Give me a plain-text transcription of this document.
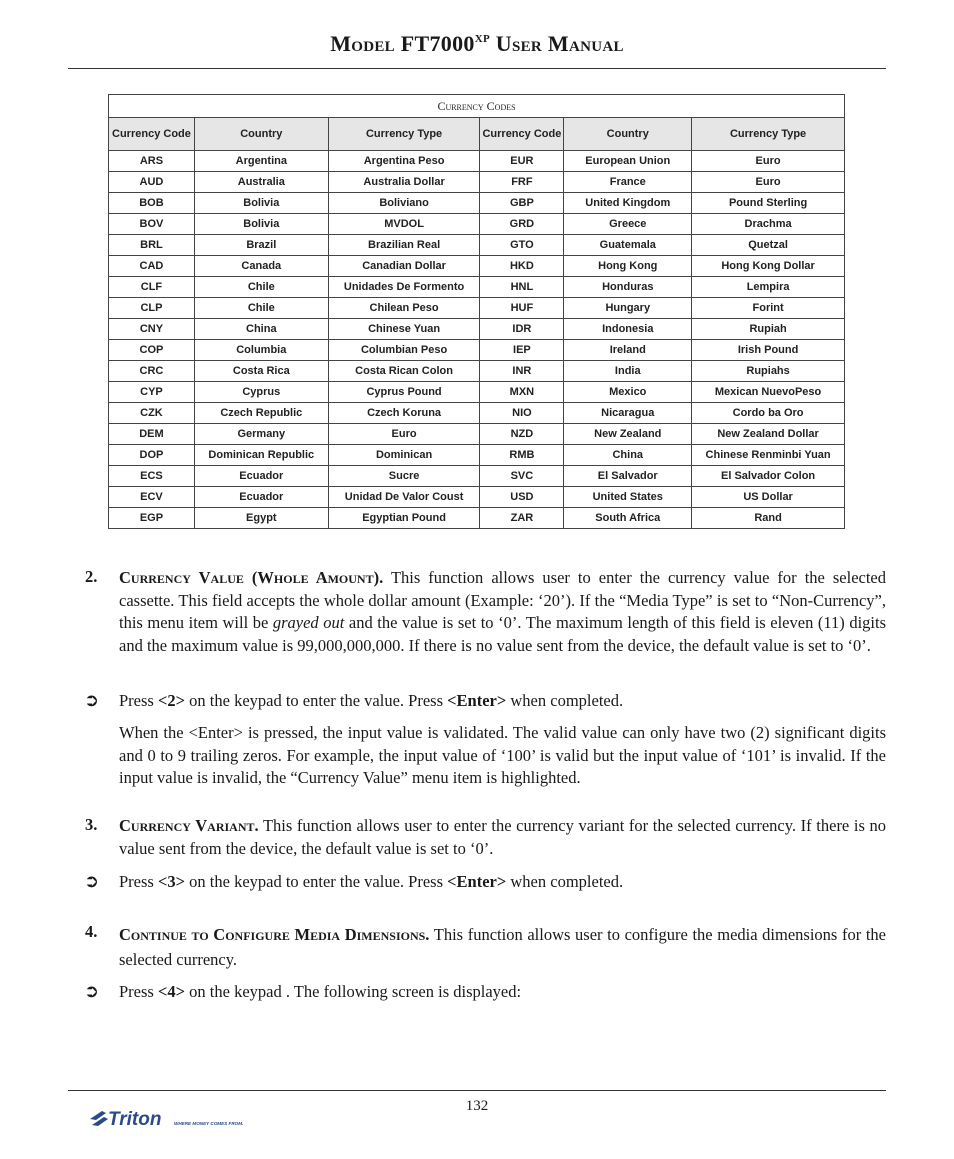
Model $FT7000^{XP}$ User Manual
Currency Codes					
Currency Code	Country	Currency Type	Currency Code	Country	Currency Type
ARS	Argentina	Argentina Peso	EUR	European Union	Euro
AUD	Australia	Australia Dollar	FRF	France	Euro
BOB	Bolivia	Boliviano	GBP	United Kingdom	Pound Sterling
BOV	Bolivia	MVDOL	GRD	Greece	Drachma
BRL	Brazil	Brazilian Real	GTO	Guatemala	Quetzal
CAD	Canada	Canadian Dollar	HKD	Hong Kong	Hong Kong Dollar
CLF	Chile	Unidades De Formento	HNL	Honduras	Lempira
CLP	Chile	Chilean Peso	HUF	Hungary	Forint
CNY	China	Chinese Yuan	IDR	Indonesia	Rupiah
COP	Columbia	Columbian Peso	IEP	Ireland	Irish Pound
CRC	Costa Rica	Costa Rican Colon	INR	India	Rupiahs
CYP	Cyprus	Cyprus Pound	MXN	Mexico	Mexican NuevoPeso
CZK	Czech Republic	Czech Koruna	NIO	Nicaragua	Cordo ba Oro
DEM	Germany	Euro	NZD	New Zealand	New Zealand Dollar
DOP	Dominican Republic	Dominican	RMB	China	Chinese Renminbi Yuan
ECS	Ecuador	Sucre	SVC	El Salvador	El Salvador Colon
ECV	Ecuador	Unidad De Valor Coust	USD	United States	US Dollar
EGP	Egypt	Egyptian Pound	ZAR	South Africa	Rand
2. Currency Value (Whole Amount). This function allows user to enter the currency value for the selected cassette. This field accepts the whole dollar amount (Example: ‘20’). If the “Media Type” is set to “Non-Currency”, this menu item will be grayed out and the value is set to ‘0’. The maximum length of this field is eleven (11) digits and the maximum value is 99,000,000,000. If there is no value sent from the device, the default value is set to ‘0’.
➲ Press <2> on the keypad to enter the value. Press <Enter> when completed.
When the <Enter> is pressed, the input value is validated. The valid value can only have two (2) significant digits and 0 to 9 trailing zeros. For example, the input value of ‘100’ is valid but the input value of ‘101’ is invalid. If the input value is invalid, the “Currency Value” menu item is highlighted.
3. Currency Variant. This function allows user to enter the currency variant for the selected currency. If there is no value sent from the device, the default value is set to ‘0’.
➲ Press <3> on the keypad to enter the value. Press <Enter> when completed.
4. Continue to Configure Media Dimensions. This function allows user to configure the media dimensions for the selected currency.
➲ Press <4> on the keypad . The following screen is displayed:
132
Triton	WHERE MONEY COMES FROM.
